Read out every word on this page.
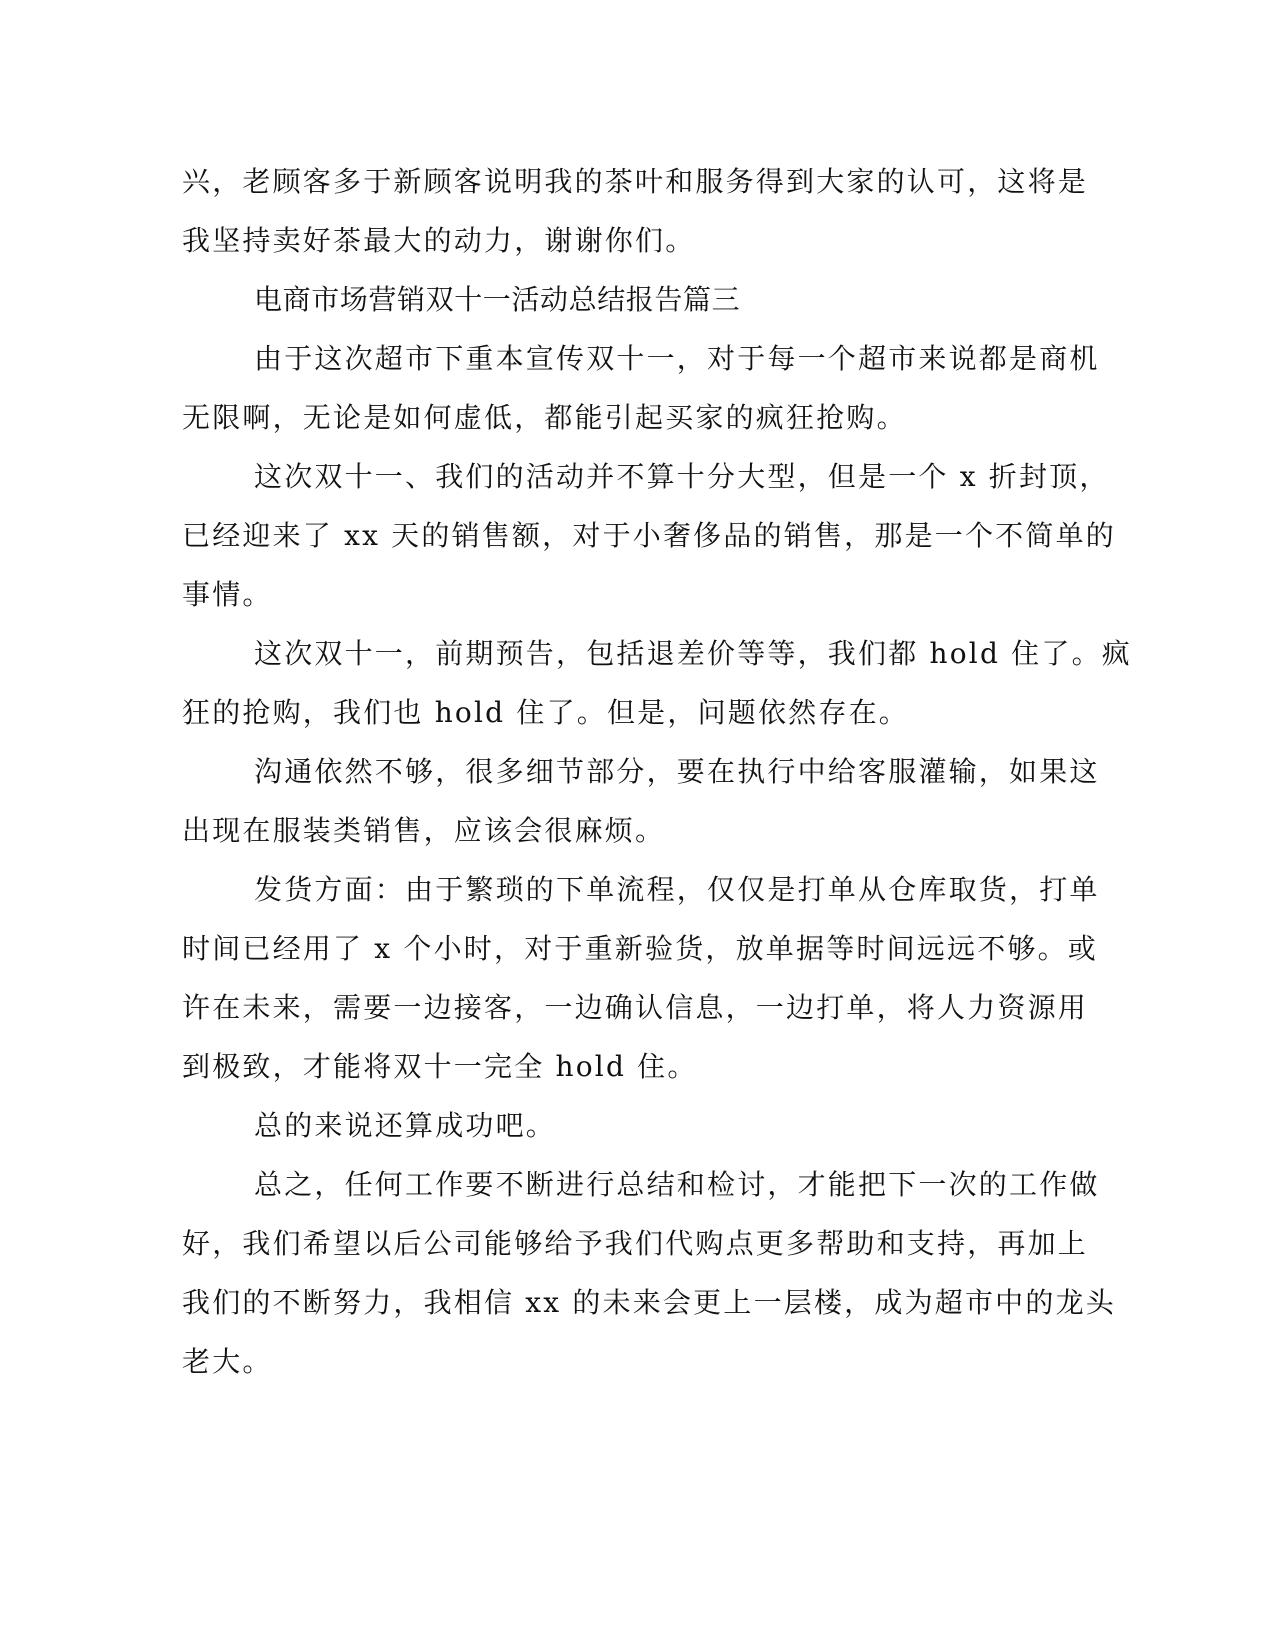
兴，老顾客多于新顾客说明我的茶叶和服务得到大家的认可，这将是
我坚持卖好茶最大的动力，谢谢你们。
电商市场营销双十一活动总结报告篇三
由于这次超市下重本宣传双十一，对于每一个超市来说都是商机
无限啊，无论是如何虚低，都能引起买家的疯狂抢购。
这次双十一、我们的活动并不算十分大型，但是一个 x 折封顶，
已经迎来了 xx 天的销售额，对于小奢侈品的销售，那是一个不简单的
事情。
这次双十一，前期预告，包括退差价等等，我们都 hold 住了。疯
狂的抢购，我们也 hold 住了。但是，问题依然存在。
沟通依然不够，很多细节部分，要在执行中给客服灌输，如果这
出现在服装类销售，应该会很麻烦。
发货方面：由于繁琐的下单流程，仅仅是打单从仓库取货，打单
时间已经用了 x 个小时，对于重新验货，放单据等时间远远不够。或
许在未来，需要一边接客，一边确认信息，一边打单，将人力资源用
到极致，才能将双十一完全 hold 住。
总的来说还算成功吧。
总之，任何工作要不断进行总结和检讨，才能把下一次的工作做
好，我们希望以后公司能够给予我们代购点更多帮助和支持，再加上
我们的不断努力，我相信 xx 的未来会更上一层楼，成为超市中的龙头
老大。
